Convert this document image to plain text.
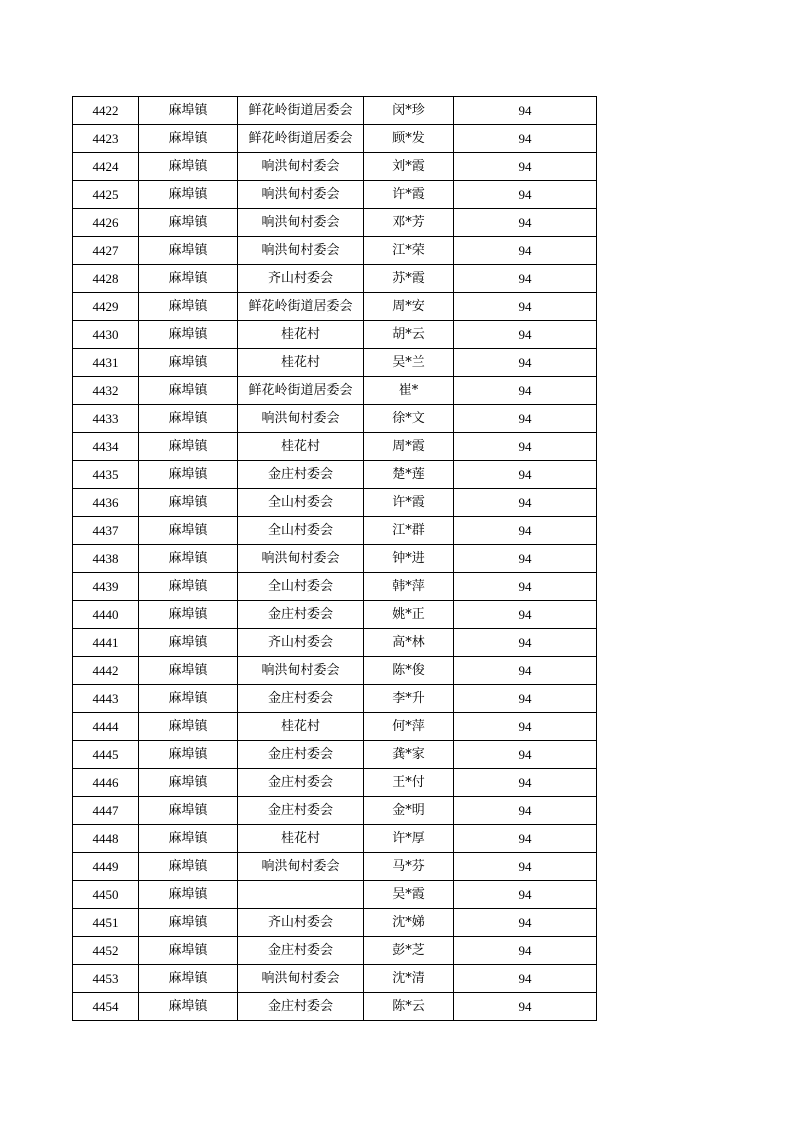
4422	麻埠镇	鲜花岭街道居委会	闵*珍	94
4423	麻埠镇	鲜花岭街道居委会	顾*发	94
4424	麻埠镇	响洪甸村委会	刘*霞	94
4425	麻埠镇	响洪甸村委会	许*霞	94
4426	麻埠镇	响洪甸村委会	邓*芳	94
4427	麻埠镇	响洪甸村委会	江*荣	94
4428	麻埠镇	齐山村委会	苏*霞	94
4429	麻埠镇	鲜花岭街道居委会	周*安	94
4430	麻埠镇	桂花村	胡*云	94
4431	麻埠镇	桂花村	吴*兰	94
4432	麻埠镇	鲜花岭街道居委会	崔*	94
4433	麻埠镇	响洪甸村委会	徐*文	94
4434	麻埠镇	桂花村	周*霞	94
4435	麻埠镇	金庄村委会	楚*莲	94
4436	麻埠镇	全山村委会	许*霞	94
4437	麻埠镇	全山村委会	江*群	94
4438	麻埠镇	响洪甸村委会	钟*进	94
4439	麻埠镇	全山村委会	韩*萍	94
4440	麻埠镇	金庄村委会	姚*正	94
4441	麻埠镇	齐山村委会	高*林	94
4442	麻埠镇	响洪甸村委会	陈*俊	94
4443	麻埠镇	金庄村委会	李*升	94
4444	麻埠镇	桂花村	何*萍	94
4445	麻埠镇	金庄村委会	龚*家	94
4446	麻埠镇	金庄村委会	王*付	94
4447	麻埠镇	金庄村委会	金*明	94
4448	麻埠镇	桂花村	许*厚	94
4449	麻埠镇	响洪甸村委会	马*芬	94
4450	麻埠镇		吴*霞	94
4451	麻埠镇	齐山村委会	沈*娣	94
4452	麻埠镇	金庄村委会	彭*芝	94
4453	麻埠镇	响洪甸村委会	沈*清	94
4454	麻埠镇	金庄村委会	陈*云	94
